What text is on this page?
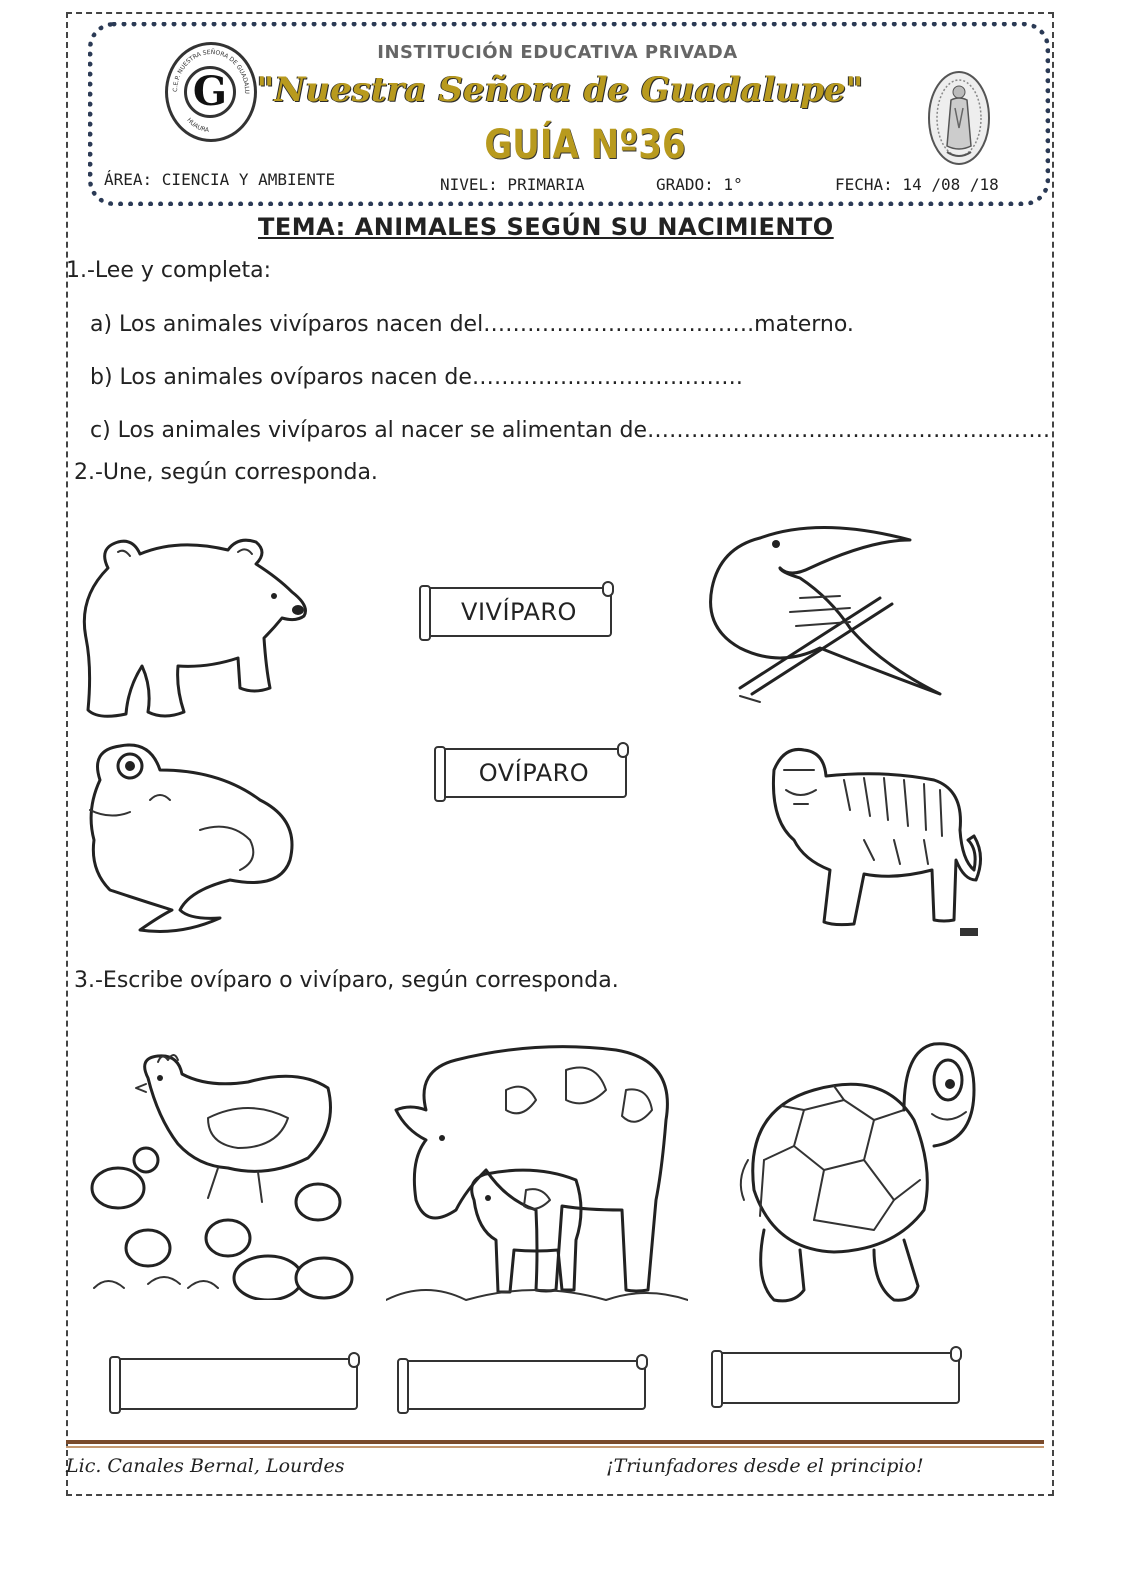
G
C.E.P. NUESTRA SEÑORA DE GUADALU
HUAURA
INSTITUCIÓN EDUCATIVA PRIVADA
"Nuestra Señora de Guadalupe"
GUÍA Nº36
ÁREA: CIENCIA Y AMBIENTE	NIVEL: PRIMARIA	GRADO: 1°	FECHA: 14 /08 /18
TEMA: ANIMALES SEGÚN SU NACIMIENTO
1.-Lee y completa:
a) Los animales vivíparos nacen del……………………………….materno.
b) Los animales ovíparos nacen de……………………………….
c) Los animales vivíparos al nacer se alimentan de……………………………………………….
2.-Une, según corresponda.
VIVÍPARO
OVÍPARO
3.-Escribe ovíparo o vivíparo, según corresponda.
Lic. Canales Bernal, Lourdes	¡Triunfadores desde el principio!
